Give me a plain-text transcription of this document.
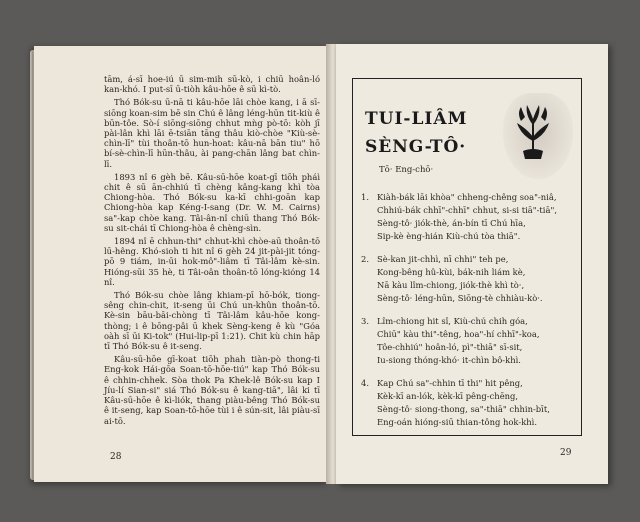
tām, á-sī hoe-iú ū sim-mih sū-kò, i chiū hoân-ló kan-khó. I put-sī ū-tiòh kâu-hōe ê sū kì-tò.

Thó Bók-su ū-nā ti kâu-hōe lāi chòe kang, i ā sī-siōng koan-sim bē sin Chú ê lâng léng-hūn tit-kiù ê būn-tôe. Sò-í siōng-siōng chhut mǹg pò-tō: kòh jī pài-lân khì lāi ē-tsiān tāng thâu kiò-chòe "Kiù-sè-chìn-lī" tùi thoân-tō hun-hoat: kâu-nā bān tiu" hō bí-sè-chìn-lī hūn-thâu, ài pang-chān lâng bat chìn-lī.

1893 nî 6 gèh bē. Kâu-sū-hōe koat-gī tiōh pháì chit ê sū ān-chhiú tī chèng kâng-kang khì tòa Chiong-hòa. Thó Bók-su ka-kī chhi-goān kap Chiong-hòa kap Kéng-I-sang (Dr. W. M. Cairns) sa"-kap chòe kang. Tâi-ân-nî chiū thang Thó Bók-su sit-chái tī Chiong-hòa ê chèng-sìn.

1894 nî ē chhun-thi" chhut-khì chòe-aū thoân-tō lū-hêng. Khó-sioh ti hit nî 6 gèh 24 jit-pài-jit tóng-pō 9 tiám, in-ūi hok-mô"-liâm tī Tâi-lâm kè-sin. Hióng-sūi 35 hè, ti Tâi-oân thoân-tō lóng-kióng 14 nî.

Thó Bók-su chòe lâng khiam-pī hō-bók, tiong-sêng chin-chit, it-seng ūi Chú un-khûn thoân-tō. Kè-sin bāu-bāi-chòng tī Tâi-lâm kâu-hōe kong-thòng; i ê bōng-pâi ū khek Sèng-keng ê kù "Góa oàh sī ūi Ki-tok" (Hui-lip-pī 1:21). Chit kù chin hāp tī Thó Bók-su ê it-seng.

Kâu-sū-hōe gī-koat tiōh phah tiàn-pò thong-ti Eng-kok Hái-gōa Soan-tō-hōe-tiú" kap Thó Bók-su ê chhin-chhek. Sòa thok Pa Khek-lê Bók-su kap I Jíu-lí Sian-si" siá Thó Bók-su ê kang-tiā", lâi ki tī Kâu-sū-hōe ê kì-liók, thang piàu-bêng Thó Bók-su ê it-seng, kap Soan-tō-hōe tùi i ê sún-sit, lâi piàu-sī ai-tō.

28
TUI-LIÂM
SÈNG-TÔ·
Tō· Eng-chō·
1. Kiàh-bák lāi khòa" chheng-chêng soa"-niâ,
Chhiú-bák chhī"-chhī" chhut, si-si tiā"-tiā",
Sèng-tô· jiók-thè, án-bín tī Chú hīa,
Sip-kè èng-hián Kiù-chú tòa thiā".
2. Sè-kan jit-chhì, nī chhi" teh pe,
Kong-bêng hû-kùi, bák-nih liám kè,
Nā kàu lîm-chiong, jiók-thè khì tò·,
Sèng-tô· léng-hūn, Siōng-tè chhiàu-kò·.
3. Lîm-chiong hit sî, Kiù-chú chih góa,
Chiū" kàu thi"-têng, hoa"-hí chhī"-koa,
Tôe-chhiú" hoân-ló, pì"-thiā" sī-sit,
Iu-siong thóng-khó· it-chìn bô-khì.
4. Kap Chú sa"-chhin tī thi" hit pêng,
Kèk-kī an-lók, kèk-kī pêng-chēng,
Sèng-tô· siong-thong, sa"-thiā" chhin-bīt,
Eng-oán hióng-siū thian-tông hok-khì.
29
